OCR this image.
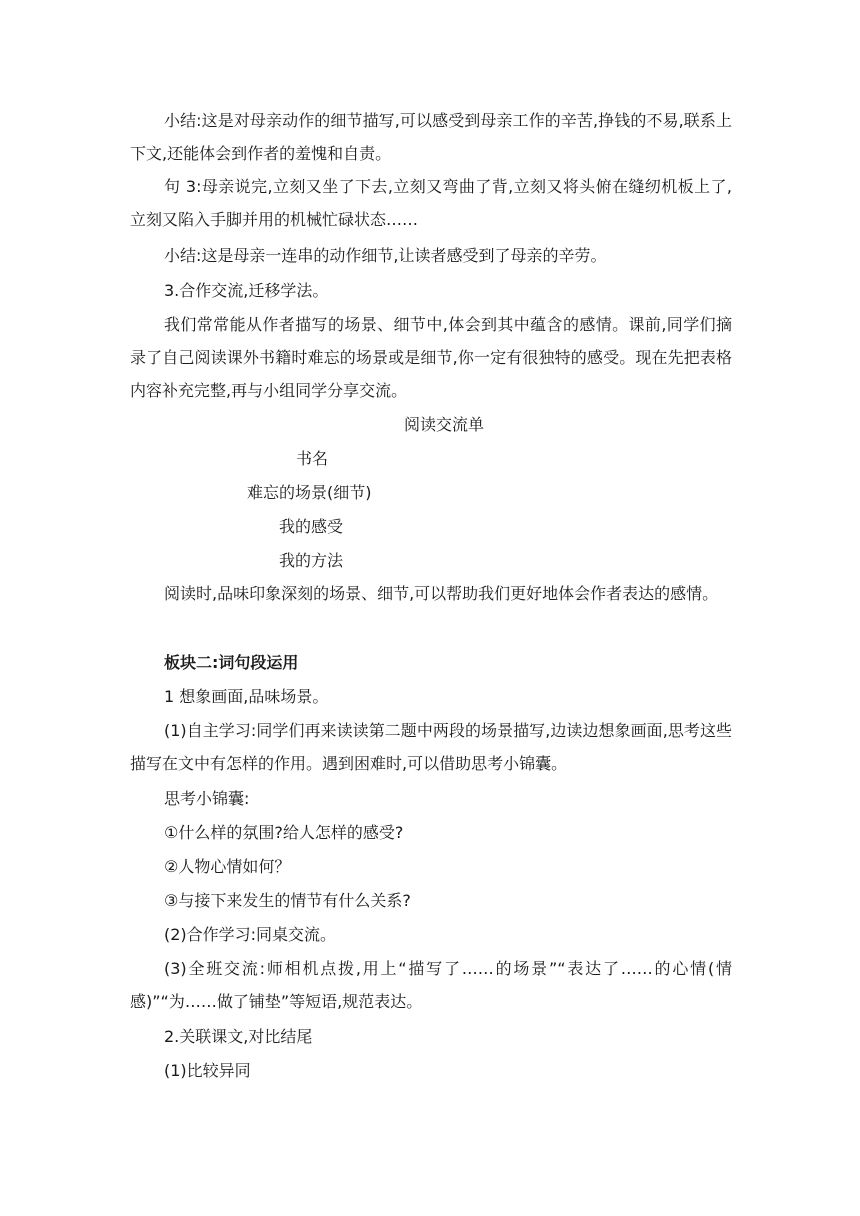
小结:这是对母亲动作的细节描写,可以感受到母亲工作的辛苦,挣钱的不易,联系上下文,还能体会到作者的羞愧和自责。

句 3:母亲说完,立刻又坐了下去,立刻又弯曲了背,立刻又将头俯在缝纫机板上了,立刻又陷入手脚并用的机械忙碌状态……

小结:这是母亲一连串的动作细节,让读者感受到了母亲的辛劳。

3.合作交流,迁移学法。

我们常常能从作者描写的场景、细节中,体会到其中蕴含的感情。课前,同学们摘录了自己阅读课外书籍时难忘的场景或是细节,你一定有很独特的感受。现在先把表格内容补充完整,再与小组同学分享交流。

阅读交流单

书名

难忘的场景(细节)

我的感受

我的方法

阅读时,品味印象深刻的场景、细节,可以帮助我们更好地体会作者表达的感情。

板块二:词句段运用

1 想象画面,品味场景。

(1)自主学习:同学们再来读读第二题中两段的场景描写,边读边想象画面,思考这些描写在文中有怎样的作用。遇到困难时,可以借助思考小锦囊。

思考小锦囊:

①什么样的氛围?给人怎样的感受?

②人物心情如何？

③与接下来发生的情节有什么关系?

(2)合作学习:同桌交流。

(3)全班交流:师相机点拨,用上“描写了……的场景”“表达了……的心情(情感)”“为……做了铺垫”等短语,规范表达。

2.关联课文,对比结尾

(1)比较异同
